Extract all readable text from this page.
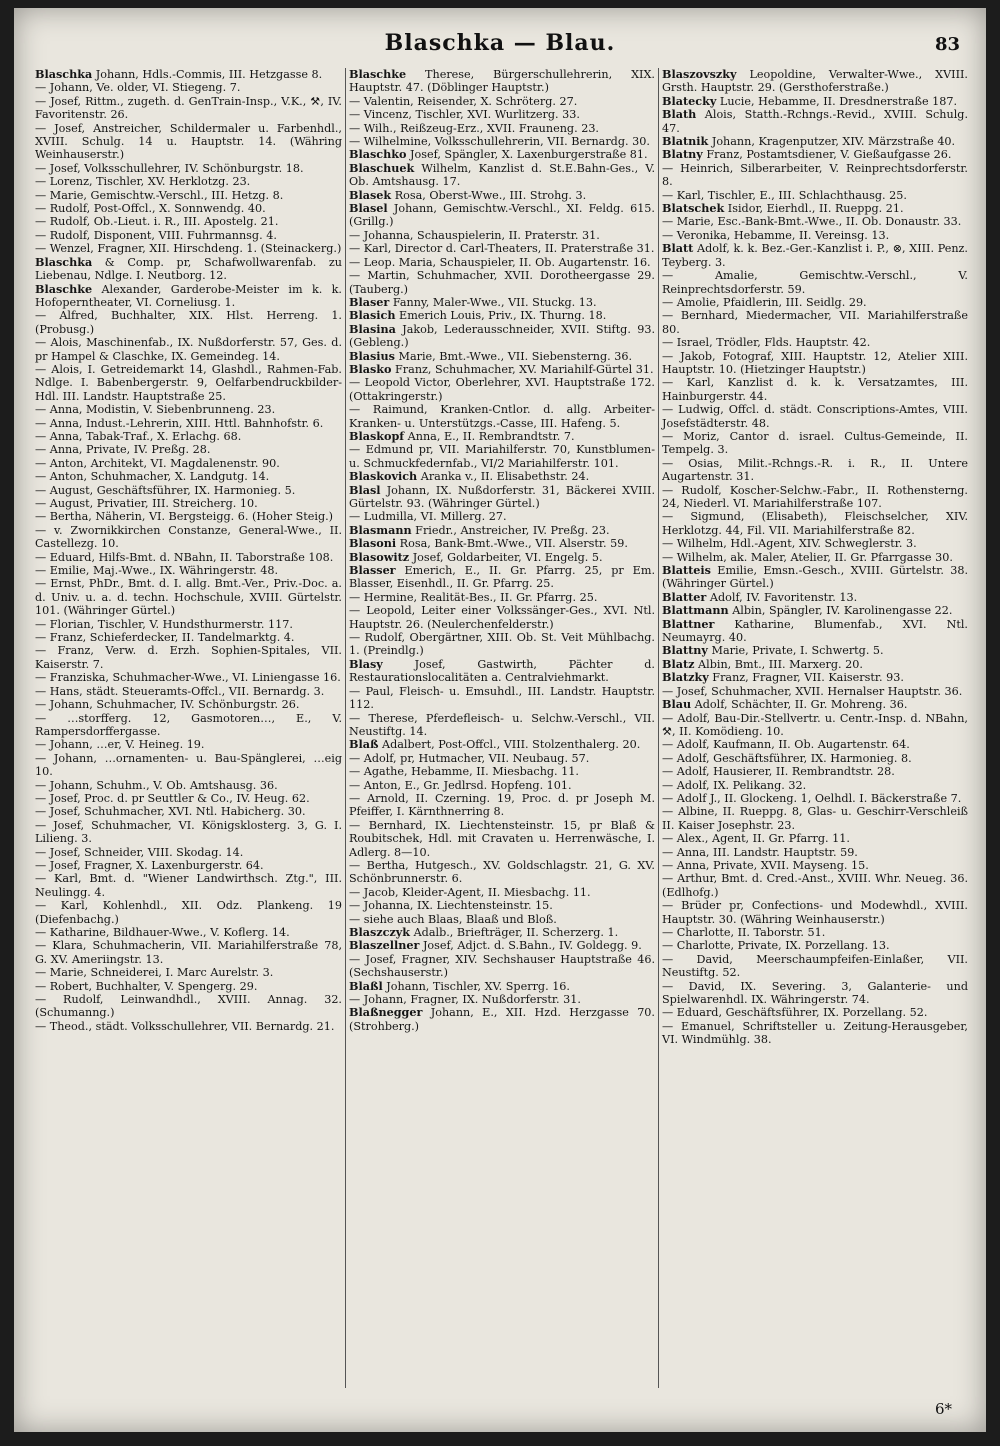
Blaschka — Blau.	83

Blaschka Johann, Hdls.-Commis, III. Hetzgasse 8.

— Johann, Ve. older, VI. Stiegeng. 7.

— Josef, Rittm., zugeth. d. GenTrain-Insp., V.K., ⚒, IV. Favoritenstr. 26.

— Josef, Anstreicher, Schildermaler u. Farbenhdl., XVIII. Schulg. 14 u. Hauptstr. 14. (Währing Weinhauserstr.)

— Josef, Volksschullehrer, IV. Schönburgstr. 18.

— Lorenz, Tischler, XV. Herklotzg. 23.

— Marie, Gemischtw.-Verschl., III. Hetzg. 8.

— Rudolf, Post-Offcl., X. Sonnwendg. 40.

— Rudolf, Ob.-Lieut. i. R., III. Apostelg. 21.

— Rudolf, Disponent, VIII. Fuhrmannsg. 4.

— Wenzel, Fragner, XII. Hirschdeng. 1. (Steinackerg.)

Blaschka & Comp. pr, Schafwollwarenfab. zu Liebenau, Ndlge. I. Neutborg. 12.

Blaschke Alexander, Garderobe-Meister im k. k. Hofoperntheater, VI. Corneliusg. 1.

— Alfred, Buchhalter, XIX. Hlst. Herreng. 1. (Probusg.)

— Alois, Maschinenfab., IX. Nußdorferstr. 57, Ges. d. pr Hampel & Claschke, IX. Gemeindeg. 14.

— Alois, I. Getreidemarkt 14, Glashdl., Rahmen-Fab. Ndlge. I. Babenbergerstr. 9, Oelfarbendruckbilder-Hdl. III. Landstr. Hauptstraße 25.

— Anna, Modistin, V. Siebenbrunneng. 23.

— Anna, Indust.-Lehrerin, XIII. Httl. Bahnhofstr. 6.

— Anna, Tabak-Traf., X. Erlachg. 68.

— Anna, Private, IV. Preßg. 28.

— Anton, Architekt, VI. Magdalenenstr. 90.

— Anton, Schuhmacher, X. Landgutg. 14.

— August, Geschäftsführer, IX. Harmonieg. 5.

— August, Privatier, III. Streicherg. 10.

— Bertha, Näherin, VI. Bergsteigg. 6. (Hoher Steig.)

— v. Zwornikkirchen Constanze, General-Wwe., II. Castellezg. 10.

— Eduard, Hilfs-Bmt. d. NBahn, II. Taborstraße 108.

— Emilie, Maj.-Wwe., IX. Währingerstr. 48.

— Ernst, PhDr., Bmt. d. I. allg. Bmt.-Ver., Priv.-Doc. a. d. Univ. u. a. d. techn. Hochschule, XVIII. Gürtelstr. 101. (Währinger Gürtel.)

— Florian, Tischler, V. Hundsthurmerstr. 117.

— Franz, Schieferdecker, II. Tandelmarktg. 4.

— Franz, Verw. d. Erzh. Sophien-Spitales, VII. Kaiserstr. 7.

— Franziska, Schuhmacher-Wwe., VI. Liniengasse 16.

— Hans, städt. Steueramts-Offcl., VII. Bernardg. 3.

— Johann, Schuhmacher, IV. Schönburgstr. 26.

— …storfferg. 12, Gasmotoren…, E., V. Rampersdorffergasse.

— Johann, …er, V. Heineg. 19.

— Johann, …ornamenten- u. Bau-Spänglerei, …eig 10.

— Johann, Schuhm., V. Ob. Amtshausg. 36.

— Josef, Proc. d. pr Seuttler & Co., IV. Heug. 62.

— Josef, Schuhmacher, XVI. Ntl. Habicherg. 30.

— Josef, Schuhmacher, VI. Königsklosterg. 3, G. I. Lilieng. 3.

— Josef, Schneider, VIII. Skodag. 14.

— Josef, Fragner, X. Laxenburgerstr. 64.

— Karl, Bmt. d. "Wiener Landwirthsch. Ztg.", III. Neulingg. 4.

— Karl, Kohlenhdl., XII. Odz. Plankeng. 19 (Diefenbachg.)

— Katharine, Bildhauer-Wwe., V. Koflerg. 14.

— Klara, Schuhmacherin, VII. Mariahilferstraße 78, G. XV. Ameriingstr. 13.

— Marie, Schneiderei, I. Marc Aurelstr. 3.

— Robert, Buchhalter, V. Spengerg. 29.

— Rudolf, Leinwandhdl., XVIII. Annag. 32. (Schumanng.)

— Theod., städt. Volksschullehrer, VII. Bernardg. 21.

Blaschke Therese, Bürgerschullehrerin, XIX. Hauptstr. 47. (Döblinger Hauptstr.)

— Valentin, Reisender, X. Schröterg. 27.

— Vincenz, Tischler, XVI. Wurlitzerg. 33.

— Wilh., Reißzeug-Erz., XVII. Frauneng. 23.

— Wilhelmine, Volksschullehrerin, VII. Bernardg. 30.

Blaschko Josef, Spängler, X. Laxenburgerstraße 81.

Blaschuek Wilhelm, Kanzlist d. St.E.Bahn-Ges., V. Ob. Amtshausg. 17.

Blasek Rosa, Oberst-Wwe., III. Strohg. 3.

Blasel Johann, Gemischtw.-Verschl., XI. Feldg. 615. (Grillg.)

— Johanna, Schauspielerin, II. Praterstr. 31.

— Karl, Director d. Carl-Theaters, II. Praterstraße 31.

— Leop. Maria, Schauspieler, II. Ob. Augartenstr. 16.

— Martin, Schuhmacher, XVII. Dorotheergasse 29. (Tauberg.)

Blaser Fanny, Maler-Wwe., VII. Stuckg. 13.

Blasich Emerich Louis, Priv., IX. Thurng. 18.

Blasina Jakob, Lederausschneider, XVII. Stiftg. 93. (Gebleng.)

Blasius Marie, Bmt.-Wwe., VII. Siebensterng. 36.

Blasko Franz, Schuhmacher, XV. Mariahilf-Gürtel 31.

— Leopold Victor, Oberlehrer, XVI. Hauptstraße 172. (Ottakringerstr.)

— Raimund, Kranken-Cntlor. d. allg. Arbeiter-Kranken- u. Unterstützgs.-Casse, III. Hafeng. 5.

Blaskopf Anna, E., II. Rembrandtstr. 7.

— Edmund pr, VII. Mariahilferstr. 70, Kunstblumen- u. Schmuckfedernfab., VI/2 Mariahilferstr. 101.

Blaskovich Aranka v., II. Elisabethstr. 24.

Blasl Johann, IX. Nußdorferstr. 31, Bäckerei XVIII. Gürtelstr. 93. (Währinger Gürtel.)

— Ludmilla, VI. Millerg. 27.

Blasmann Friedr., Anstreicher, IV. Preßg. 23.

Blasoni Rosa, Bank-Bmt.-Wwe., VII. Alserstr. 59.

Blasowitz Josef, Goldarbeiter, VI. Engelg. 5.

Blasser Emerich, E., II. Gr. Pfarrg. 25, pr Em. Blasser, Eisenhdl., II. Gr. Pfarrg. 25.

— Hermine, Realität-Bes., II. Gr. Pfarrg. 25.

— Leopold, Leiter einer Volkssänger-Ges., XVI. Ntl. Hauptstr. 26. (Neulerchenfelderstr.)

— Rudolf, Obergärtner, XIII. Ob. St. Veit Mühlbachg. 1. (Preindlg.)

Blasy Josef, Gastwirth, Pächter d. Restaurationslocalitäten a. Centralviehmarkt.

— Paul, Fleisch- u. Emsuhdl., III. Landstr. Hauptstr. 112.

— Therese, Pferdefleisch- u. Selchw.-Verschl., VII. Neustiftg. 14.

Blaß Adalbert, Post-Offcl., VIII. Stolzenthalerg. 20.

— Adolf, pr, Hutmacher, VII. Neubaug. 57.

— Agathe, Hebamme, II. Miesbachg. 11.

— Anton, E., Gr. Jedlrsd. Hopfeng. 101.

— Arnold, II. Czerning. 19, Proc. d. pr Joseph M. Pfeiffer, I. Kärnthnerring 8.

— Bernhard, IX. Liechtensteinstr. 15, pr Blaß & Roubitschek, Hdl. mit Cravaten u. Herrenwäsche, I. Adlerg. 8—10.

— Bertha, Hutgesch., XV. Goldschlagstr. 21, G. XV. Schönbrunnerstr. 6.

— Jacob, Kleider-Agent, II. Miesbachg. 11.

— Johanna, IX. Liechtensteinstr. 15.

— siehe auch Blaas, Blaaß und Bloß.

Blaszczyk Adalb., Briefträger, II. Scherzerg. 1.

Blaszellner Josef, Adjct. d. S.Bahn., IV. Goldegg. 9.

— Josef, Fragner, XIV. Sechshauser Hauptstraße 46. (Sechshauserstr.)

Blaßl Johann, Tischler, XV. Sperrg. 16.

— Johann, Fragner, IX. Nußdorferstr. 31.

Blaßnegger Johann, E., XII. Hzd. Herzgasse 70. (Strohberg.)

Blaszovszky Leopoldine, Verwalter-Wwe., XVIII. Grsth. Hauptstr. 29. (Gersthoferstraße.)

Blatecky Lucie, Hebamme, II. Dresdnerstraße 187.

Blath Alois, Statth.-Rchngs.-Revid., XVIII. Schulg. 47.

Blatnik Johann, Kragenputzer, XIV. Märzstraße 40.

Blatny Franz, Postamtsdiener, V. Gießaufgasse 26.

— Heinrich, Silberarbeiter, V. Reinprechtsdorferstr. 8.

— Karl, Tischler, E., III. Schlachthausg. 25.

Blatschek Isidor, Eierhdl., II. Rueppg. 21.

— Marie, Esc.-Bank-Bmt.-Wwe., II. Ob. Donaustr. 33.

— Veronika, Hebamme, II. Vereinsg. 13.

Blatt Adolf, k. k. Bez.-Ger.-Kanzlist i. P., ⊗, XIII. Penz. Teyberg. 3.

— Amalie, Gemischtw.-Verschl., V. Reinprechtsdorferstr. 59.

— Amolie, Pfaidlerin, III. Seidlg. 29.

— Bernhard, Miedermacher, VII. Mariahilferstraße 80.

— Israel, Trödler, Flds. Hauptstr. 42.

— Jakob, Fotograf, XIII. Hauptstr. 12, Atelier XIII. Hauptstr. 10. (Hietzinger Hauptstr.)

— Karl, Kanzlist d. k. k. Versatzamtes, III. Hainburgerstr. 44.

— Ludwig, Offcl. d. städt. Conscriptions-Amtes, VIII. Josefstädterstr. 48.

— Moriz, Cantor d. israel. Cultus-Gemeinde, II. Tempelg. 3.

— Osias, Milit.-Rchngs.-R. i. R., II. Untere Augartenstr. 31.

— Rudolf, Koscher-Selchw.-Fabr., II. Rothensterng. 24, Niederl. VI. Mariahilferstraße 107.

— Sigmund, (Elisabeth), Fleischselcher, XIV. Herklotzg. 44, Fil. VII. Mariahilferstraße 82.

— Wilhelm, Hdl.-Agent, XIV. Schweglerstr. 3.

— Wilhelm, ak. Maler, Atelier, II. Gr. Pfarrgasse 30.

Blatteis Emilie, Emsn.-Gesch., XVIII. Gürtelstr. 38. (Währinger Gürtel.)

Blatter Adolf, IV. Favoritenstr. 13.

Blattmann Albin, Spängler, IV. Karolinengasse 22.

Blattner Katharine, Blumenfab., XVI. Ntl. Neumayrg. 40.

Blattny Marie, Private, I. Schwertg. 5.

Blatz Albin, Bmt., III. Marxerg. 20.

Blatzky Franz, Fragner, VII. Kaiserstr. 93.

— Josef, Schuhmacher, XVII. Hernalser Hauptstr. 36.

Blau Adolf, Schächter, II. Gr. Mohreng. 36.

— Adolf, Bau-Dir.-Stellvertr. u. Centr.-Insp. d. NBahn, ⚒, II. Komödieng. 10.

— Adolf, Kaufmann, II. Ob. Augartenstr. 64.

— Adolf, Geschäftsführer, IX. Harmonieg. 8.

— Adolf, Hausierer, II. Rembrandtstr. 28.

— Adolf, IX. Pelikang. 32.

— Adolf J., II. Glockeng. 1, Oelhdl. I. Bäckerstraße 7.

— Albine, II. Rueppg. 8, Glas- u. Geschirr-Verschleiß II. Kaiser Josephstr. 23.

— Alex., Agent, II. Gr. Pfarrg. 11.

— Anna, III. Landstr. Hauptstr. 59.

— Anna, Private, XVII. Mayseng. 15.

— Arthur, Bmt. d. Cred.-Anst., XVIII. Whr. Neueg. 36. (Edlhofg.)

— Brüder pr, Confections- und Modewhdl., XVIII. Hauptstr. 30. (Währing Weinhauserstr.)

— Charlotte, II. Taborstr. 51.

— Charlotte, Private, IX. Porzellang. 13.

— David, Meerschaumpfeifen-Einlaßer, VII. Neustiftg. 52.

— David, IX. Severing. 3, Galanterie- und Spielwarenhdl. IX. Währingerstr. 74.

— Eduard, Geschäftsführer, IX. Porzellang. 52.

— Emanuel, Schriftsteller u. Zeitung-Herausgeber, VI. Windmühlg. 38.

6*
